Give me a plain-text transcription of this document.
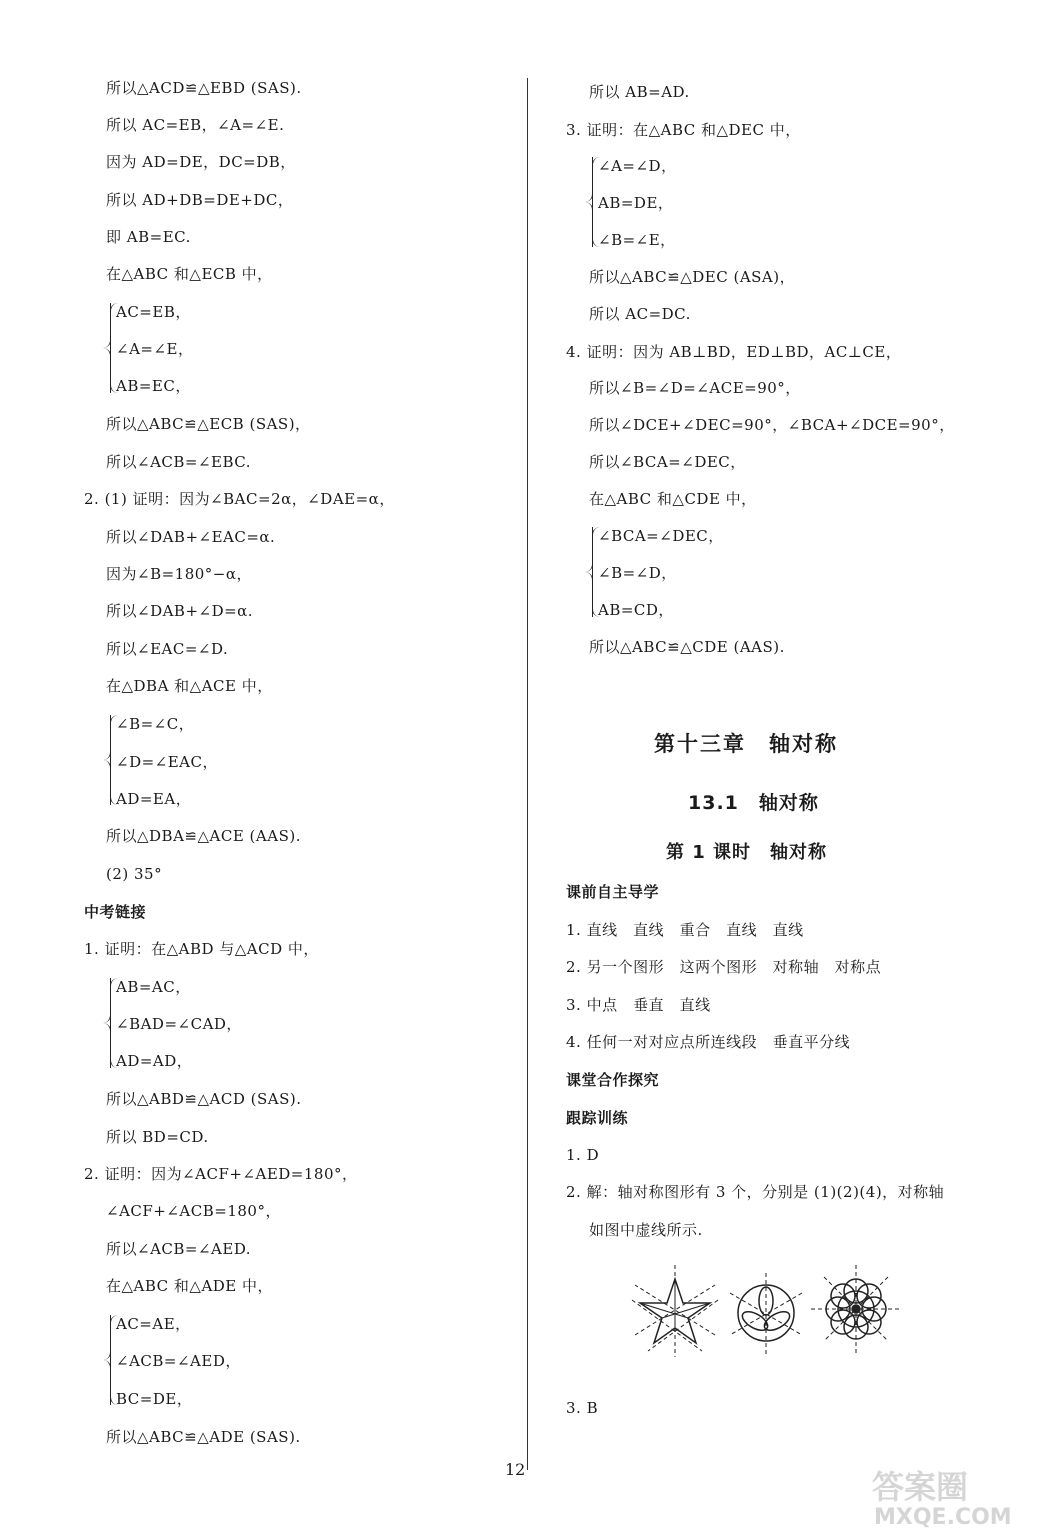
所以△ACD≌△EBD (SAS).
所以 AC=EB，∠A=∠E.
因为 AD=DE，DC=DB，
所以 AD+DB=DE+DC，
即 AB=EC.
在△ABC 和△ECB 中，
AC=EB，
∠A=∠E，
AB=EC，
所以△ABC≌△ECB (SAS)，
所以∠ACB=∠EBC.
2. (1) 证明：因为∠BAC=2α，∠DAE=α，
所以∠DAB+∠EAC=α.
因为∠B=180°−α，
所以∠DAB+∠D=α.
所以∠EAC=∠D.
在△DBA 和△ACE 中，
∠B=∠C，
∠D=∠EAC，
AD=EA，
所以△DBA≌△ACE (AAS).
(2) 35°
中考链接
1. 证明：在△ABD 与△ACD 中，
AB=AC，
∠BAD=∠CAD，
AD=AD，
所以△ABD≌△ACD (SAS).
所以 BD=CD.
2. 证明：因为∠ACF+∠AED=180°，
∠ACF+∠ACB=180°，
所以∠ACB=∠AED.
在△ABC 和△ADE 中，
AC=AE，
∠ACB=∠AED，
BC=DE，
所以△ABC≌△ADE (SAS).
所以 AB=AD.
3. 证明：在△ABC 和△DEC 中，
∠A=∠D，
AB=DE，
∠B=∠E，
所以△ABC≌△DEC (ASA)，
所以 AC=DC.
4. 证明：因为 AB⊥BD，ED⊥BD，AC⊥CE，
所以∠B=∠D=∠ACE=90°，
所以∠DCE+∠DEC=90°，∠BCA+∠DCE=90°，
所以∠BCA=∠DEC，
在△ABC 和△CDE 中，
∠BCA=∠DEC，
∠B=∠D，
AB=CD，
所以△ABC≌△CDE (AAS).
第十三章　轴对称
13.1　轴对称
第 1 课时　轴对称
课前自主导学
1. 直线　直线　重合　直线　直线
2. 另一个图形　这两个图形　对称轴　对称点
3. 中点　垂直　直线
4. 任何一对对应点所连线段　垂直平分线
课堂合作探究
跟踪训练
1. D
2. 解：轴对称图形有 3 个，分别是 (1)(2)(4)，对称轴
如图中虚线所示.
3. B
12	答案圈
MXQE.COM
